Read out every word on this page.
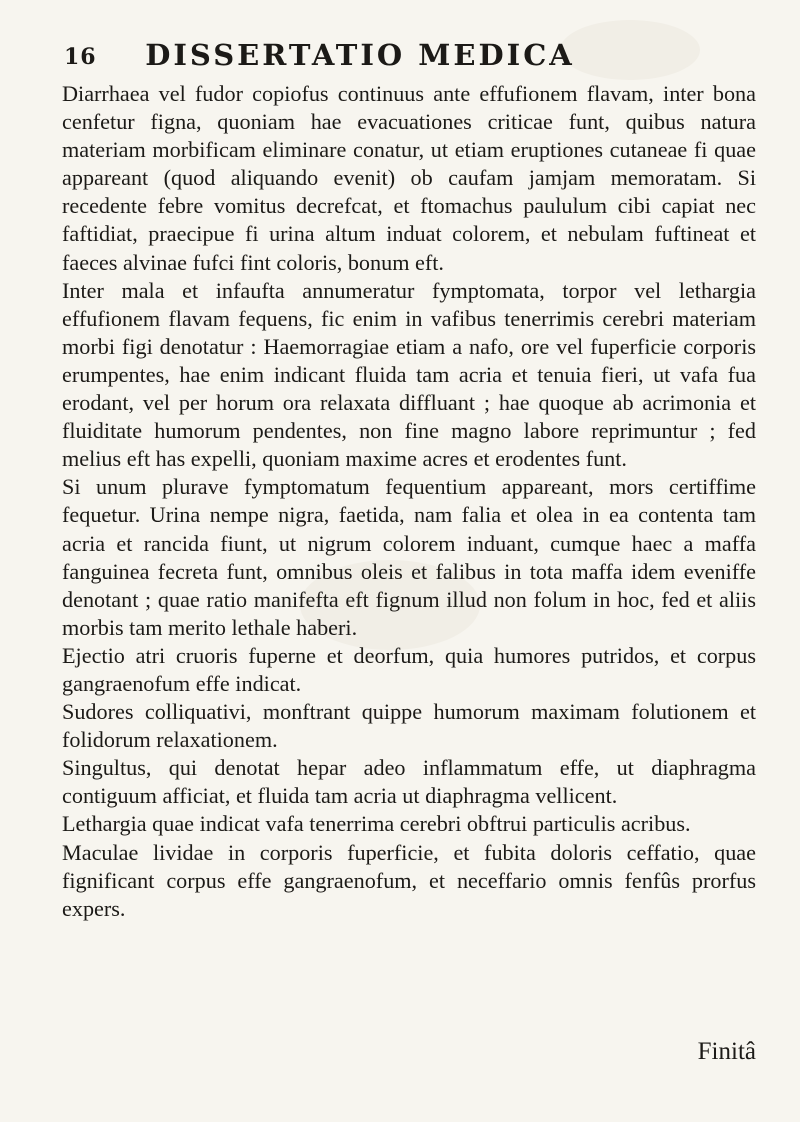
16	DISSERTATIO MEDICA

Diarrhaea vel fudor copiofus continuus ante effufionem flavam, inter bona cenfetur figna, quoniam hae evacuationes criticae funt, quibus natura materiam morbificam eliminare conatur, ut etiam eruptiones cutaneae fi quae appareant (quod aliquando evenit) ob caufam jamjam memoratam. Si recedente febre vomitus decrefcat, et ftomachus paululum cibi capiat nec faftidiat, praecipue fi urina altum induat colorem, et nebulam fuftineat et faeces alvinae fufci fint coloris, bonum eft.

Inter mala et infaufta annumeratur fymptomata, torpor vel lethargia effufionem flavam fequens, fic enim in vafibus tenerrimis cerebri materiam morbi figi denotatur : Haemorragiae etiam a nafo, ore vel fuperficie corporis erumpentes, hae enim indicant fluida tam acria et tenuia fieri, ut vafa fua erodant, vel per horum ora relaxata diffluant ; hae quoque ab acrimonia et fluiditate humorum pendentes, non fine magno labore reprimuntur ; fed melius eft has expelli, quoniam maxime acres et erodentes funt.

Si unum plurave fymptomatum fequentium appareant, mors certiffime fequetur. Urina nempe nigra, faetida, nam falia et olea in ea contenta tam acria et rancida fiunt, ut nigrum colorem induant, cumque haec a maffa fanguinea fecreta funt, omnibus oleis et falibus in tota maffa idem eveniffe denotant ; quae ratio manifefta eft fignum illud non folum in hoc, fed et aliis morbis tam merito lethale haberi.

Ejectio atri cruoris fuperne et deorfum, quia humores putridos, et corpus gangraenofum effe indicat.

Sudores colliquativi, monftrant quippe humorum maximam folutionem et folidorum relaxationem.

Singultus, qui denotat hepar adeo inflammatum effe, ut diaphragma contiguum afficiat, et fluida tam acria ut diaphragma vellicent.

Lethargia quae indicat vafa tenerrima cerebri obftrui particulis acribus.

Maculae lividae in corporis fuperficie, et fubita doloris ceffatio, quae fignificant corpus effe gangraenofum, et neceffario omnis fenfûs prorfus expers.

Finitâ
